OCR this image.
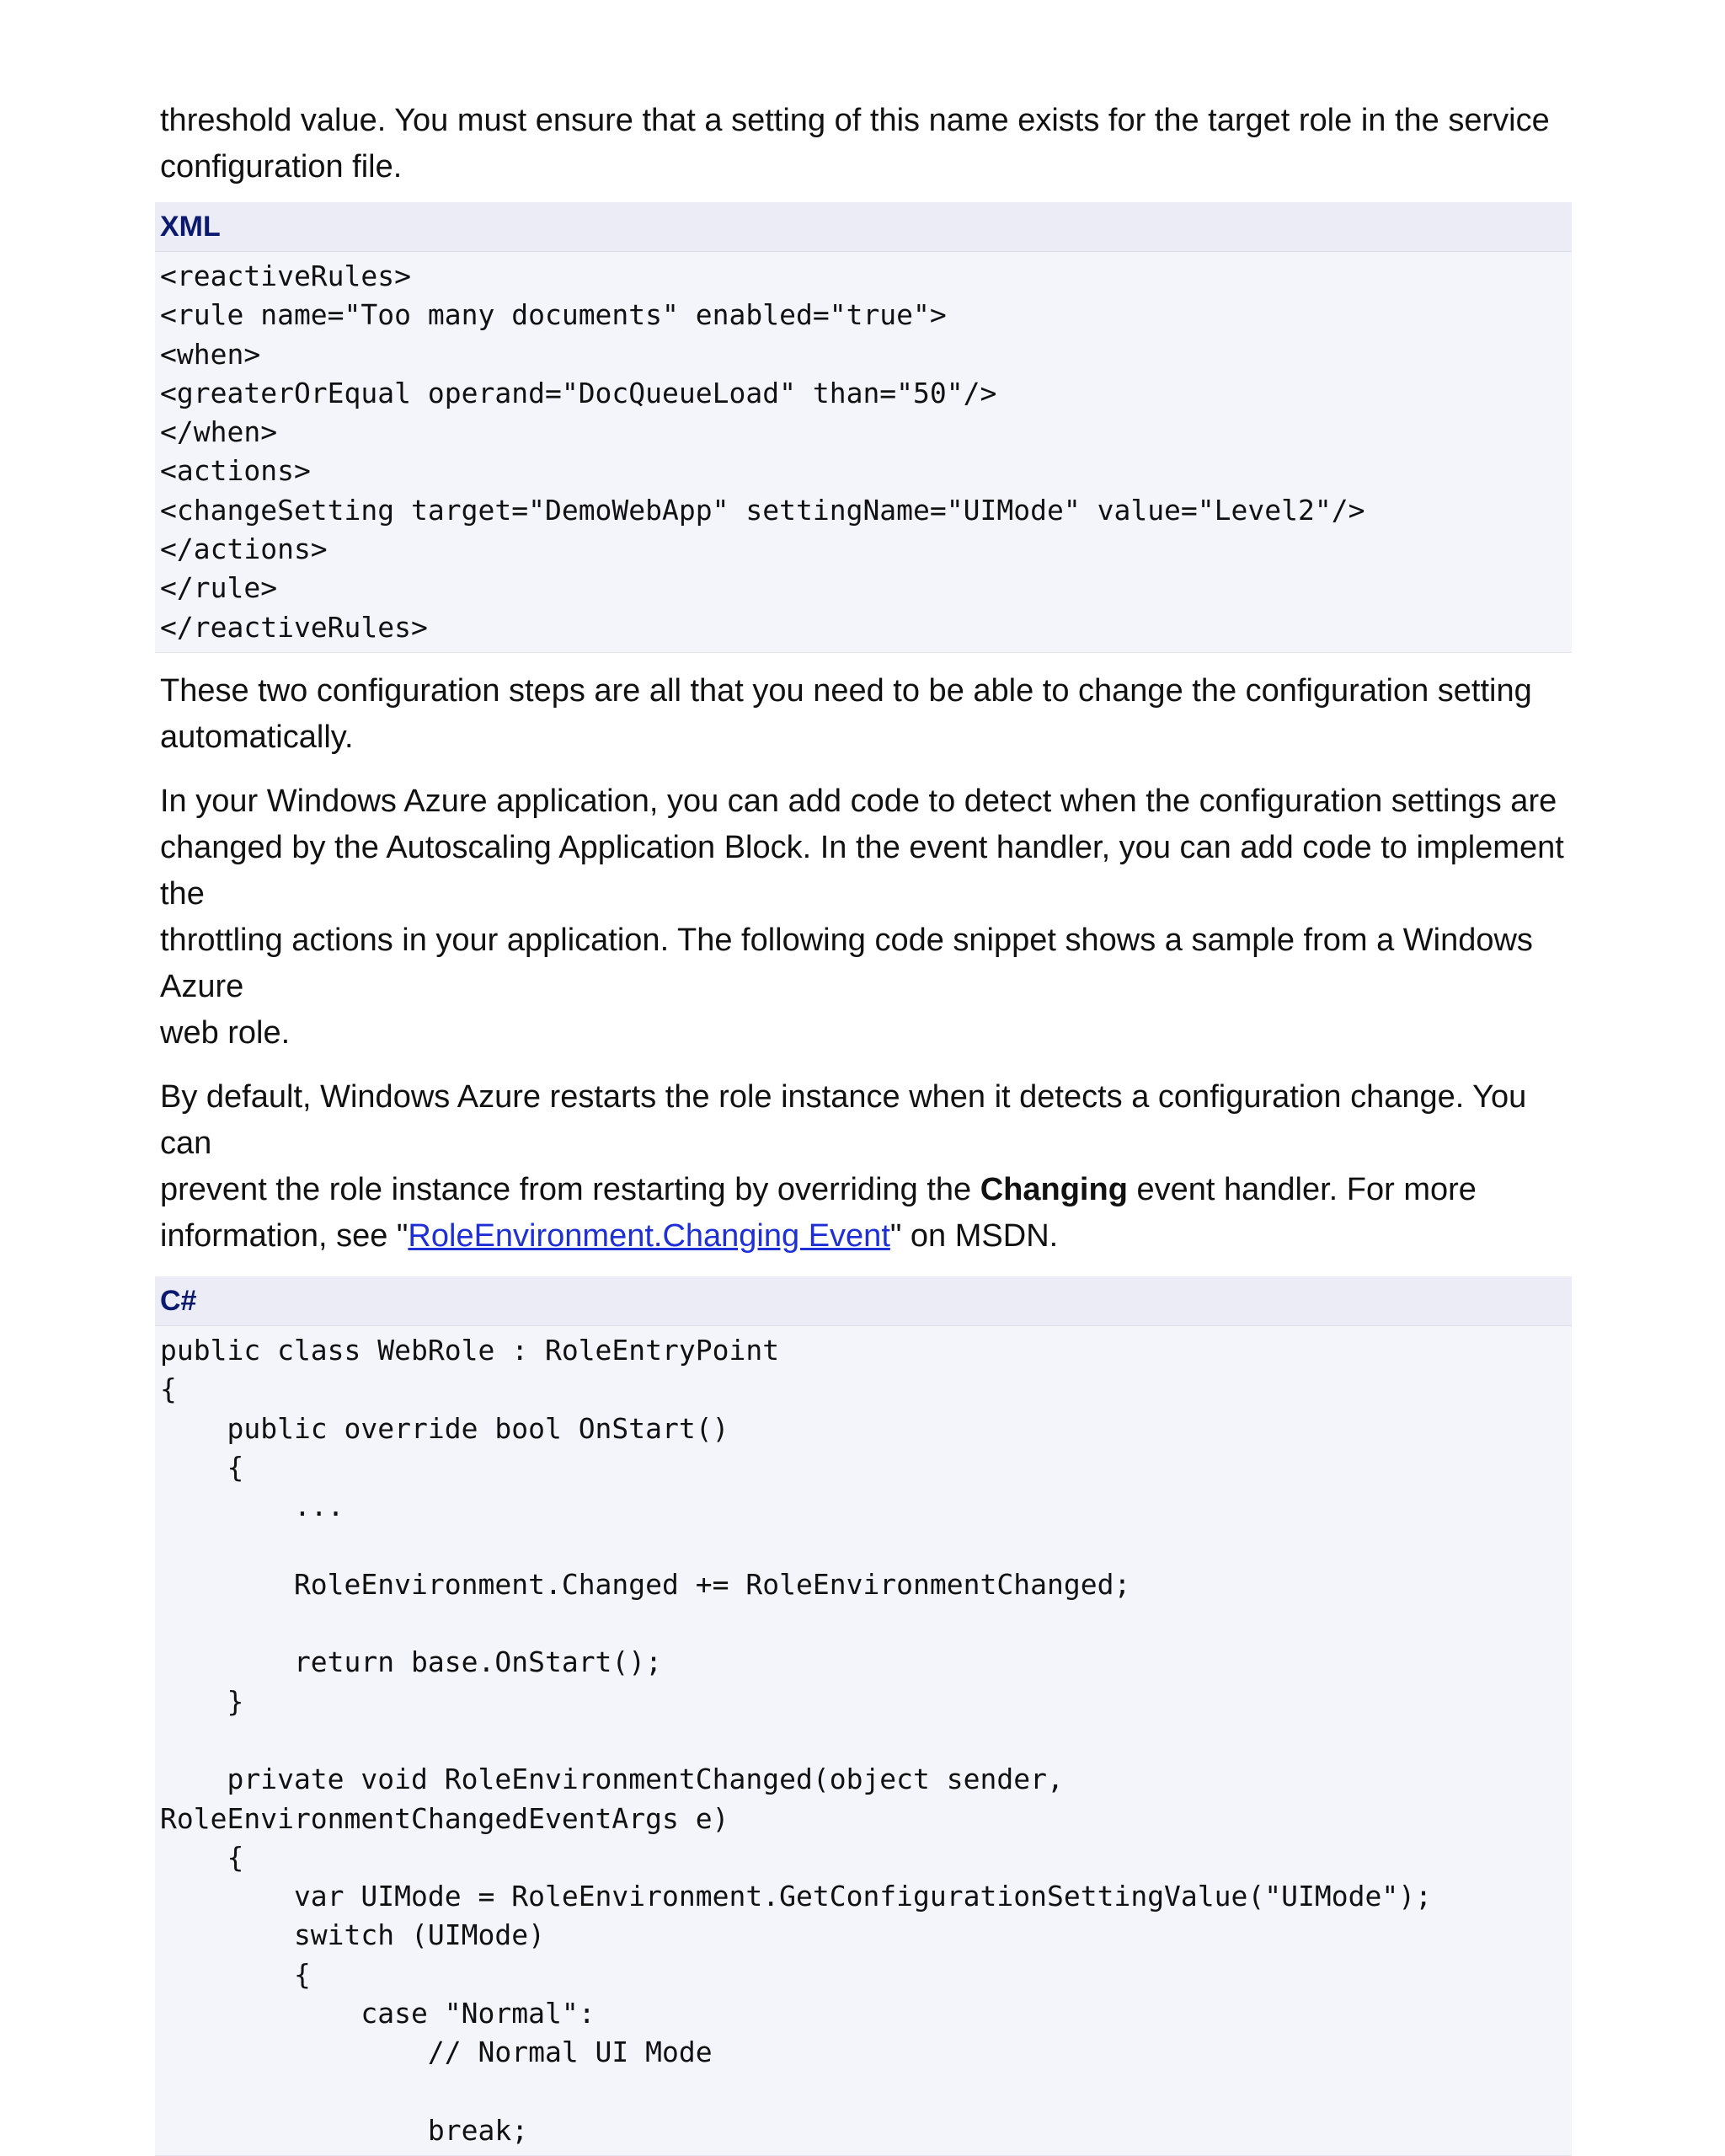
threshold value. You must ensure that a setting of this name exists for the target role in the service
configuration file.

XML
<reactiveRules>
<rule name="Too many documents" enabled="true">
<when>
<greaterOrEqual operand="DocQueueLoad" than="50"/>
</when>
<actions>
<changeSetting target="DemoWebApp" settingName="UIMode" value="Level2"/>
</actions>
</rule>
</reactiveRules>

These two configuration steps are all that you need to be able to change the configuration setting
automatically.

In your Windows Azure application, you can add code to detect when the configuration settings are
changed by the Autoscaling Application Block. In the event handler, you can add code to implement the
throttling actions in your application. The following code snippet shows a sample from a Windows Azure
web role.

By default, Windows Azure restarts the role instance when it detects a configuration change. You can
prevent the role instance from restarting by overriding the Changing event handler. For more
information, see "RoleEnvironment.Changing Event" on MSDN.

C#
public class WebRole : RoleEntryPoint
{
public override bool OnStart()
{
...
RoleEnvironment.Changed += RoleEnvironmentChanged;
return base.OnStart();
}
private void RoleEnvironmentChanged(object sender,
RoleEnvironmentChangedEventArgs e)
{
var UIMode = RoleEnvironment.GetConfigurationSettingValue("UIMode");
switch (UIMode)
{
case "Normal":
// Normal UI Mode
break;
